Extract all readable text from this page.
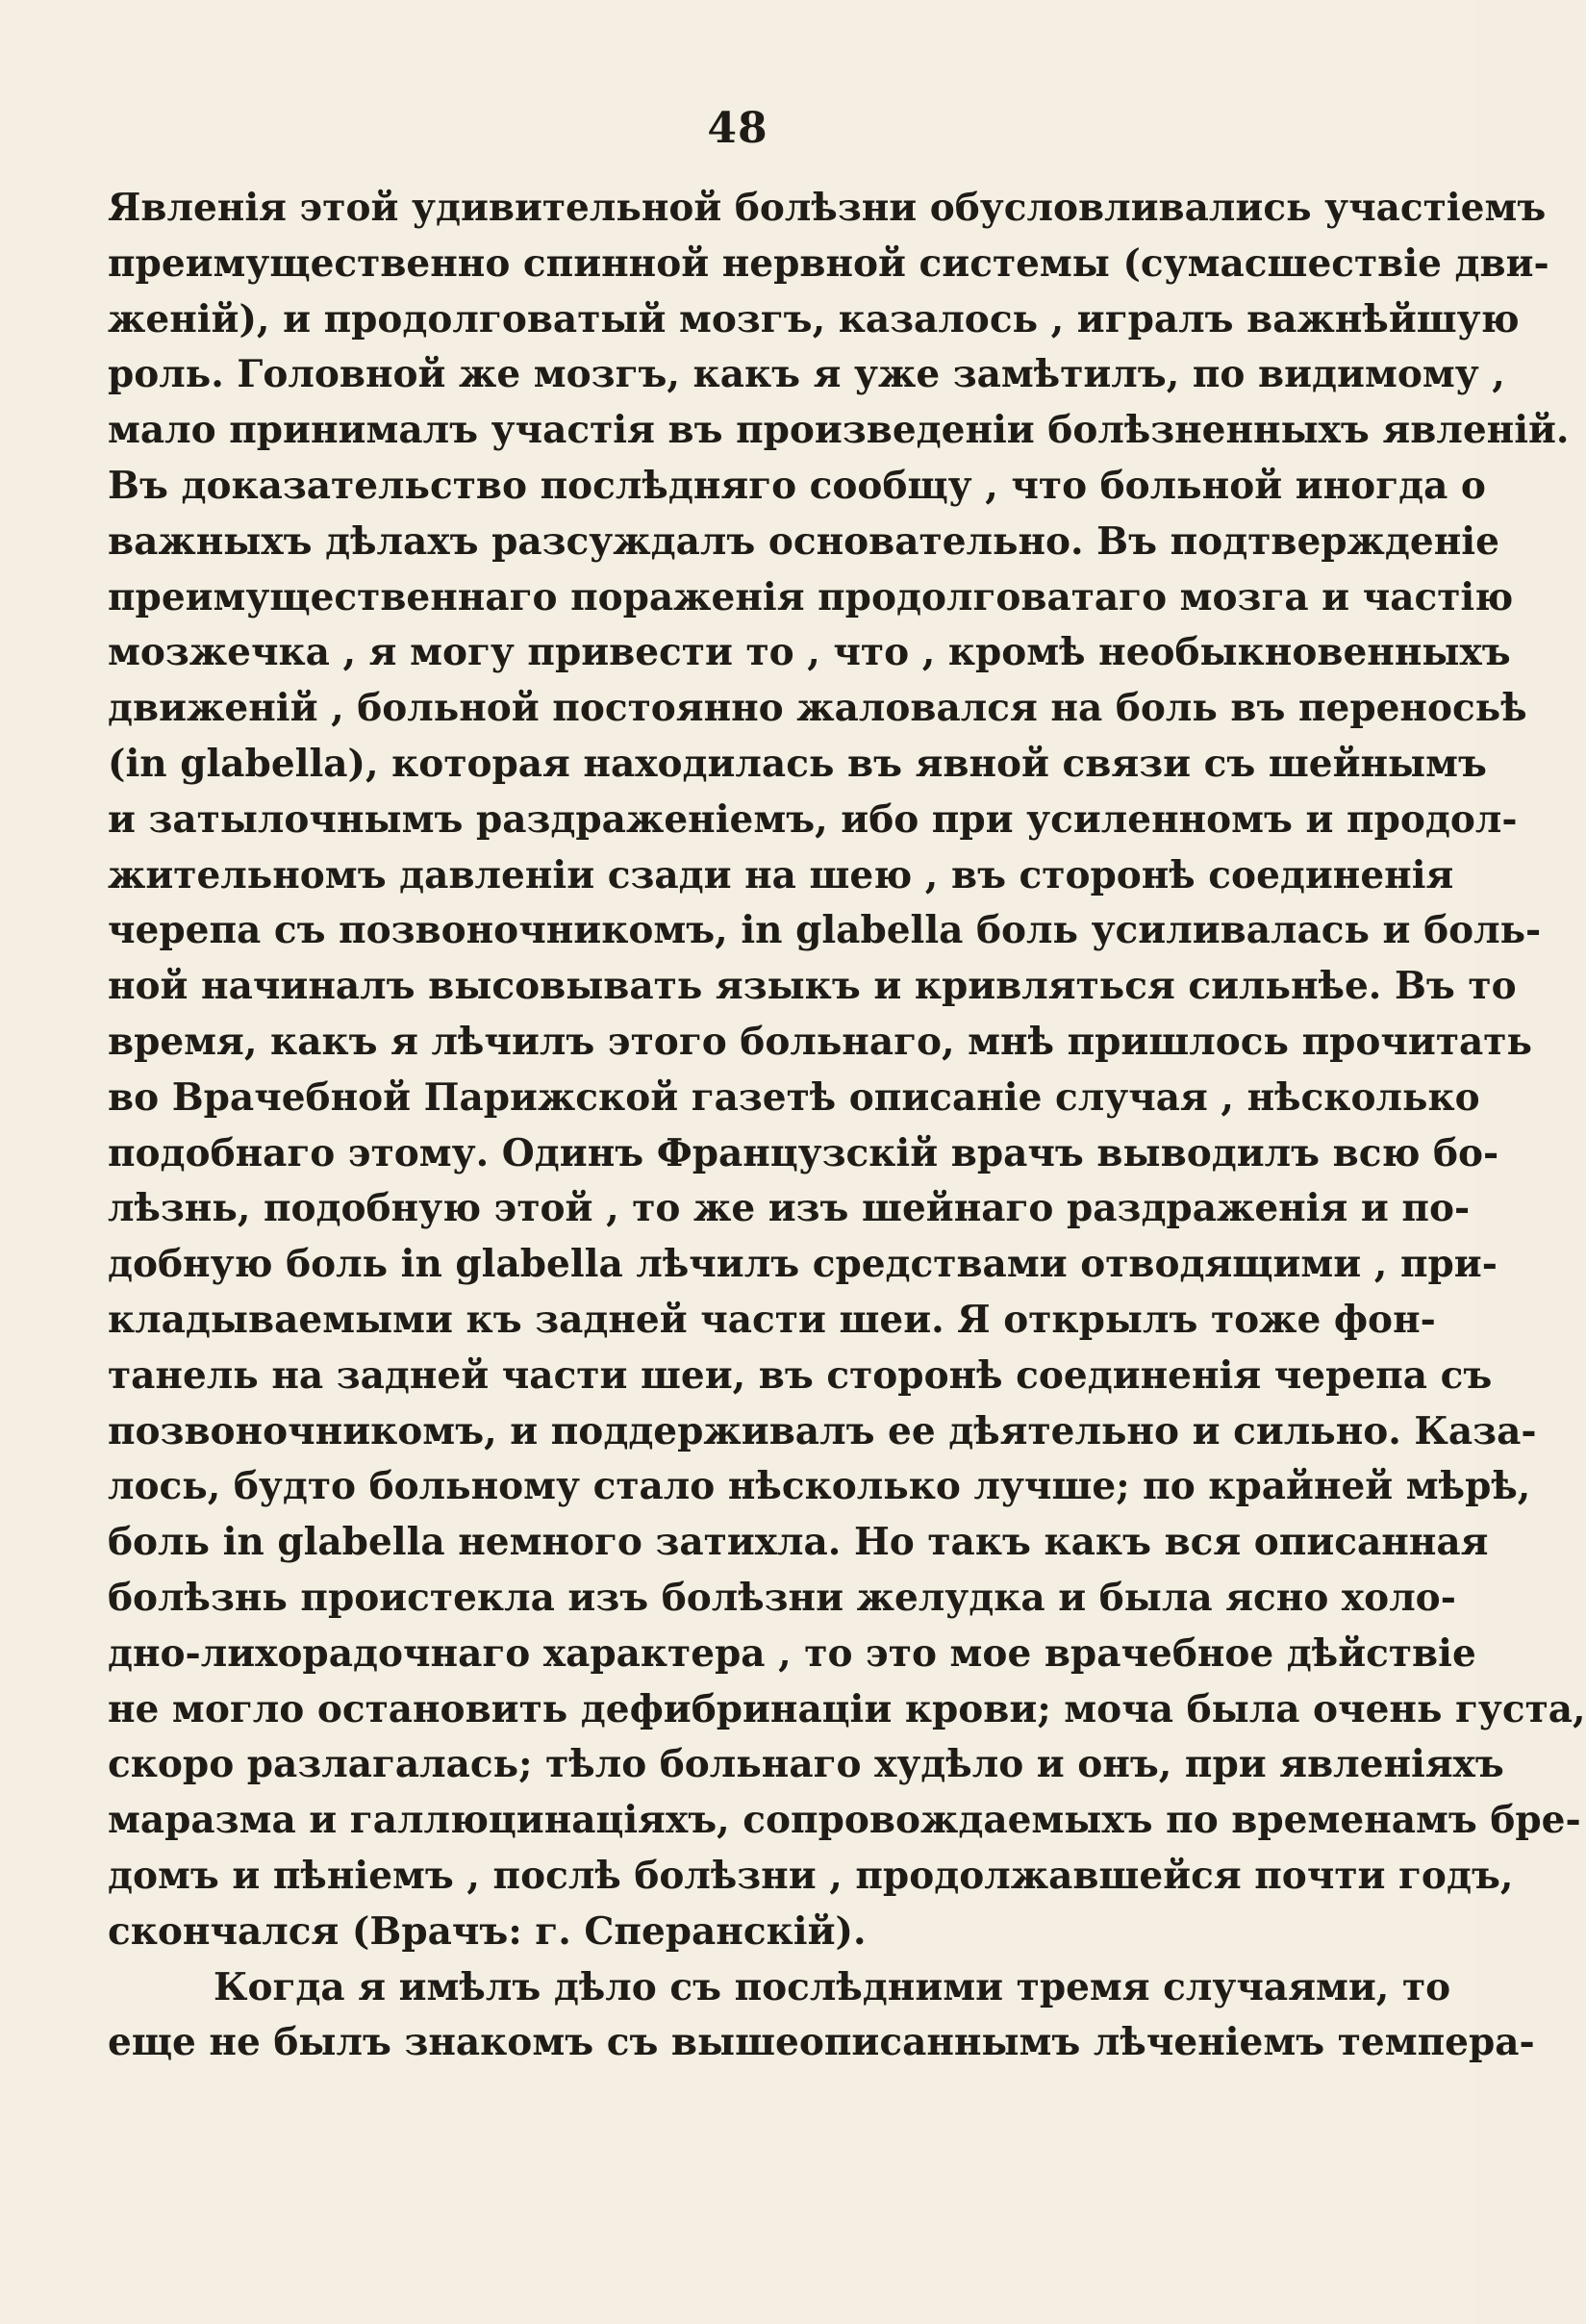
48
Явленія этой удивительной болѣзни обусловливались участіемъ
преимущественно спинной нервной системы (сумасшествіе дви-
женій), и продолговатый мозгъ, казалось , игралъ важнѣйшую
роль. Головной же мозгъ, какъ я уже замѣтилъ, по видимому ,
мало принималъ участія въ произведеніи болѣзненныхъ явленій.
Въ доказательство послѣдняго сообщу , что больной иногда о
важныхъ дѣлахъ разсуждалъ основательно. Въ подтвержденіе
преимущественнаго пораженія продолговатаго мозга и частію
мозжечка , я могу привести то , что , кромѣ необыкновенныхъ
движеній , больной постоянно жаловался на боль въ переносьѣ
(in glabella), которая находилась въ явной связи съ шейнымъ
и затылочнымъ раздраженіемъ, ибо при усиленномъ и продол-
жительномъ давленіи сзади на шею , въ сторонѣ соединенія
черепа съ позвоночникомъ, in glabella боль усиливалась и боль-
ной начиналъ высовывать языкъ и кривляться сильнѣе. Въ то
время, какъ я лѣчилъ этого больнаго, мнѣ пришлось прочитать
во Врачебной Парижской газетѣ описаніе случая , нѣсколько
подобнаго этому. Одинъ Французскій врачъ выводилъ всю бо-
лѣзнь, подобную этой , то же изъ шейнаго раздраженія и по-
добную боль in glabella лѣчилъ средствами отводящими , при-
кладываемыми къ задней части шеи. Я открылъ тоже фон-
танель на задней части шеи, въ сторонѣ соединенія черепа съ
позвоночникомъ, и поддерживалъ ее дѣятельно и сильно. Каза-
лось, будто больному стало нѣсколько лучше; по крайней мѣрѣ,
боль in glabella немного затихла. Но такъ какъ вся описанная
болѣзнь проистекла изъ болѣзни желудка и была ясно холо-
дно-лихорадочнаго характера , то это мое врачебное дѣйствіе
не могло остановить дефибринаціи крови; моча была очень густа,
скоро разлагалась; тѣло больнаго худѣло и онъ, при явленіяхъ
маразма и галлюцинаціяхъ, сопровождаемыхъ по временамъ бре-
домъ и пѣніемъ , послѣ болѣзни , продолжавшейся почти годъ,
скончался (Врачъ: г. Сперанскій).
Когда я имѣлъ дѣло съ послѣдними тремя случаями, то
еще не былъ знакомъ съ вышеописаннымъ лѣченіемъ темпера-
